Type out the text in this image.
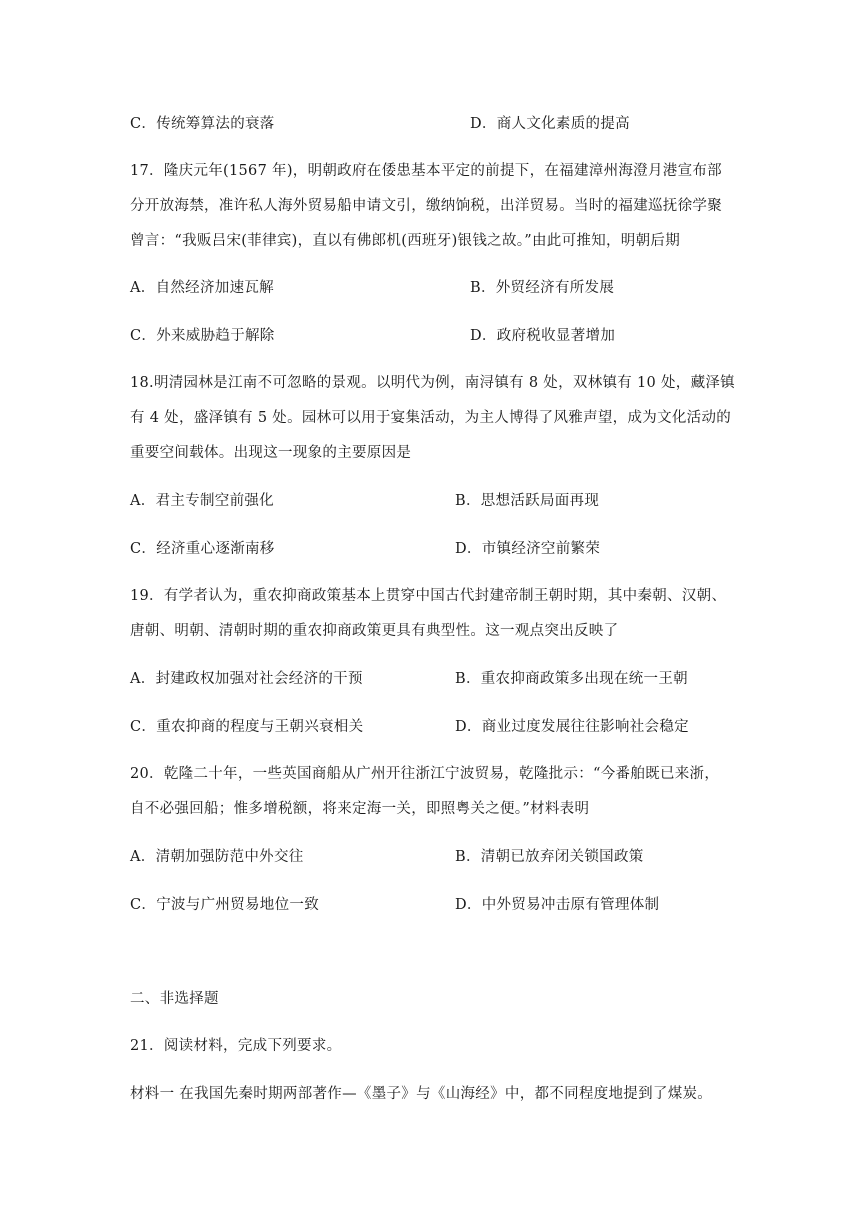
C．传统筹算法的衰落	D．商人文化素质的提高
17．隆庆元年(1567 年)，明朝政府在倭患基本平定的前提下，在福建漳州海澄月港宣布部
分开放海禁，准许私人海外贸易船申请文引，缴纳饷税，出洋贸易。当时的福建巡抚徐学聚
曾言：“我贩吕宋(菲律宾)，直以有佛郎机(西班牙)银钱之故。”由此可推知，明朝后期
A．自然经济加速瓦解	B．外贸经济有所发展
C．外来威胁趋于解除	D．政府税收显著增加
18.明清园林是江南不可忽略的景观。以明代为例，南浔镇有 8 处，双林镇有 10 处，藏泽镇
有 4 处，盛泽镇有 5 处。园林可以用于宴集活动，为主人博得了风雅声望，成为文化活动的
重要空间载体。出现这一现象的主要原因是
A．君主专制空前强化	B．思想活跃局面再现
C．经济重心逐渐南移	D．市镇经济空前繁荣
19．有学者认为，重农抑商政策基本上贯穿中国古代封建帝制王朝时期，其中秦朝、汉朝、
唐朝、明朝、清朝时期的重农抑商政策更具有典型性。这一观点突出反映了
A．封建政权加强对社会经济的干预	B．重农抑商政策多出现在统一王朝
C．重农抑商的程度与王朝兴衰相关	D．商业过度发展往往影响社会稳定
20．乾隆二十年，一些英国商船从广州开往浙江宁波贸易，乾隆批示：“今番舶既已来浙，
自不必强回船；惟多增税额，将来定海一关，即照粤关之便。”材料表明
A．清朝加强防范中外交往	B．清朝已放弃闭关锁国政策
C．宁波与广州贸易地位一致	D．中外贸易冲击原有管理体制
二、非选择题
21．阅读材料，完成下列要求。
材料一 在我国先秦时期两部著作—《墨子》与《山海经》中，都不同程度地提到了煤炭。
